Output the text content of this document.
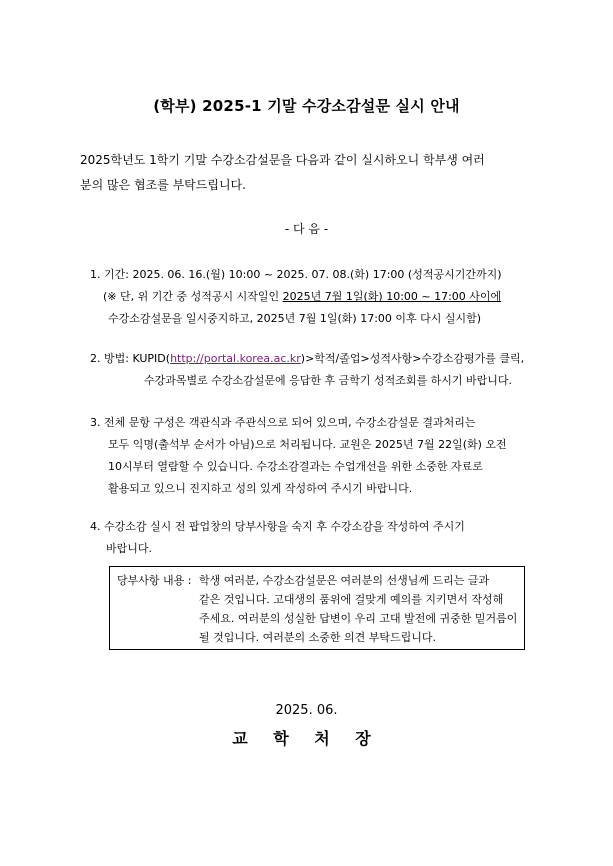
(학부) 2025-1 기말 수강소감설문 실시 안내
2025학년도 1학기 기말 수강소감설문을 다음과 같이 실시하오니 학부생 여러
분의 많은 협조를 부탁드립니다.
- 다 음 -
1. 기간: 2025. 06. 16.(월) 10:00 ~ 2025. 07. 08.(화) 17:00 (성적공시기간까지)
(※ 단, 위 기간 중 성적공시 시작일인 2025년 7월 1일(화) 10:00 ~ 17:00 사이에
수강소감설문을 일시중지하고, 2025년 7월 1일(화) 17:00 이후 다시 실시함)
2. 방법: KUPID(http://portal.korea.ac.kr)>학적/졸업>성적사항>수강소감평가를 클릭,
수강과목별로 수강소감설문에 응답한 후 금학기 성적조회를 하시기 바랍니다.
3. 전체 문항 구성은 객관식과 주관식으로 되어 있으며, 수강소감설문 결과처리는
모두 익명(출석부 순서가 아님)으로 처리됩니다. 교원은 2025년 7월 22일(화) 오전
10시부터 열람할 수 있습니다. 수강소감결과는 수업개선을 위한 소중한 자료로
활용되고 있으니 진지하고 성의 있게 작성하여 주시기 바랍니다.
4. 수강소감 실시 전 팝업창의 당부사항을 숙지 후 수강소감을 작성하여 주시기
바랍니다.
당부사항 내용 : 학생 여러분, 수강소감설문은 여러분의 선생님께 드리는 글과
같은 것입니다. 고대생의 품위에 걸맞게 예의를 지키면서 작성해
주세요. 여러분의 성실한 답변이 우리 고대 발전에 귀중한 밑거름이
될 것입니다. 여러분의 소중한 의견 부탁드립니다.
2025. 06.
교 학 처 장
